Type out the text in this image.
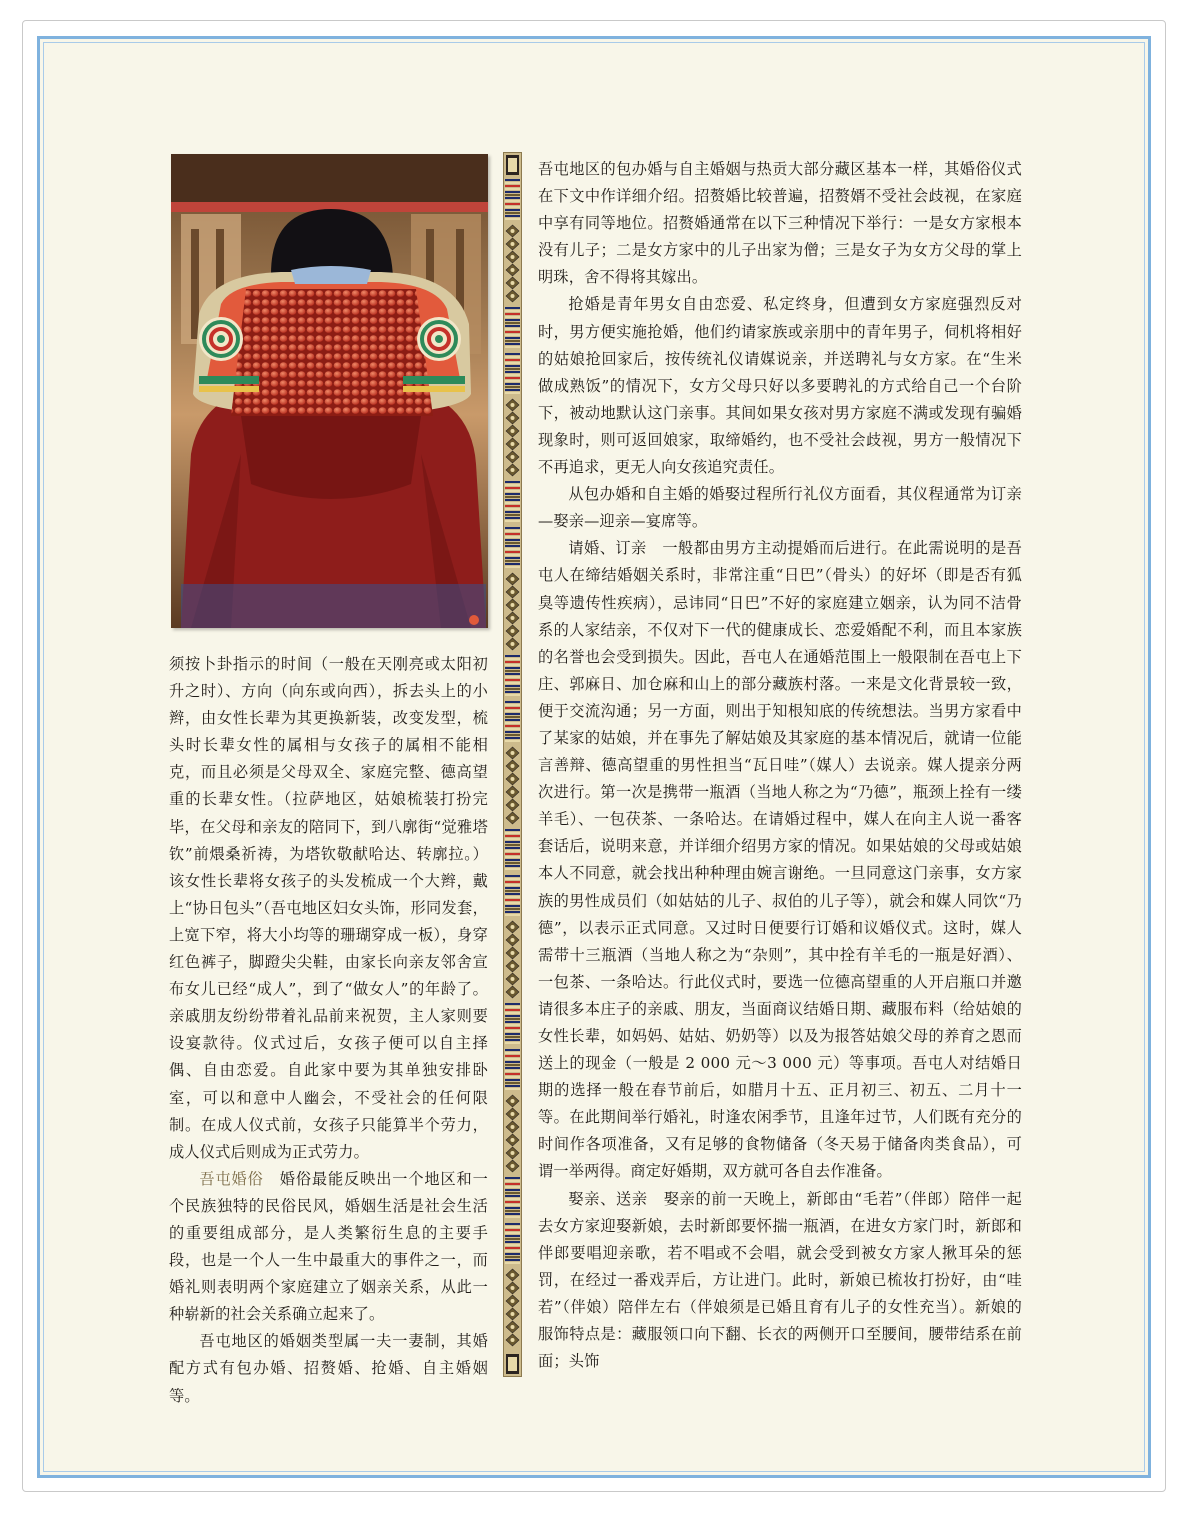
须按卜卦指示的时间（一般在天刚亮或太阳初升之时）、方向（向东或向西），拆去头上的小辫，由女性长辈为其更换新装，改变发型，梳头时长辈女性的属相与女孩子的属相不能相克，而且必须是父母双全、家庭完整、德高望重的长辈女性。（拉萨地区，姑娘梳装打扮完毕，在父母和亲友的陪同下，到八廓街“觉雅塔钦”前煨桑祈祷，为塔钦敬献哈达、转廓拉。）该女性长辈将女孩子的头发梳成一个大辫，戴上“协日包头”（吾屯地区妇女头饰，形同发套，上宽下窄，将大小均等的珊瑚穿成一板），身穿红色裤子，脚蹬尖尖鞋，由家长向亲友邻舍宣布女儿已经“成人”，到了“做女人”的年龄了。亲戚朋友纷纷带着礼品前来祝贺，主人家则要设宴款待。仪式过后，女孩子便可以自主择偶、自由恋爱。自此家中要为其单独安排卧室，可以和意中人幽会，不受社会的任何限制。在成人仪式前，女孩子只能算半个劳力，成人仪式后则成为正式劳力。

吾屯婚俗　 婚俗最能反映出一个地区和一个民族独特的民俗民风，婚姻生活是社会生活的重要组成部分，是人类繁衍生息的主要手段，也是一个人一生中最重大的事件之一，而婚礼则表明两个家庭建立了姻亲关系，从此一种崭新的社会关系确立起来了。

吾屯地区的婚姻类型属一夫一妻制，其婚配方式有包办婚、招赘婚、抢婚、自主婚姻等。

吾屯地区的包办婚与自主婚姻与热贡大部分藏区基本一样，其婚俗仪式在下文中作详细介绍。招赘婚比较普遍，招赘婿不受社会歧视，在家庭中享有同等地位。招赘婚通常在以下三种情况下举行：一是女方家根本没有儿子；二是女方家中的儿子出家为僧；三是女子为女方父母的掌上明珠，舍不得将其嫁出。

抢婚是青年男女自由恋爱、私定终身，但遭到女方家庭强烈反对时，男方便实施抢婚，他们约请家族或亲朋中的青年男子，伺机将相好的姑娘抢回家后，按传统礼仪请媒说亲，并送聘礼与女方家。在“生米做成熟饭”的情况下，女方父母只好以多要聘礼的方式给自己一个台阶下，被动地默认这门亲事。其间如果女孩对男方家庭不满或发现有骗婚现象时，则可返回娘家，取缔婚约，也不受社会歧视，男方一般情况下不再追求，更无人向女孩追究责任。

从包办婚和自主婚的婚娶过程所行礼仪方面看，其仪程通常为订亲—娶亲—迎亲—宴席等。

请婚、订亲　 一般都由男方主动提婚而后进行。在此需说明的是吾屯人在缔结婚姻关系时，非常注重“日巴”（骨头）的好坏（即是否有狐臭等遗传性疾病），忌讳同“日巴”不好的家庭建立姻亲，认为同不洁骨系的人家结亲，不仅对下一代的健康成长、恋爱婚配不利，而且本家族的名誉也会受到损失。因此，吾屯人在通婚范围上一般限制在吾屯上下庄、郭麻日、加仓麻和山上的部分藏族村落。一来是文化背景较一致，便于交流沟通；另一方面，则出于知根知底的传统想法。当男方家看中了某家的姑娘，并在事先了解姑娘及其家庭的基本情况后，就请一位能言善辩、德高望重的男性担当“瓦日哇”（媒人）去说亲。媒人提亲分两次进行。第一次是携带一瓶酒（当地人称之为“乃德”，瓶颈上拴有一缕羊毛）、一包茯茶、一条哈达。在请婚过程中，媒人在向主人说一番客套话后，说明来意，并详细介绍男方家的情况。如果姑娘的父母或姑娘本人不同意，就会找出种种理由婉言谢绝。一旦同意这门亲事，女方家族的男性成员们（如姑姑的儿子、叔伯的儿子等），就会和媒人同饮“乃德”，以表示正式同意。又过时日便要行订婚和议婚仪式。这时，媒人需带十三瓶酒（当地人称之为“杂则”，其中拴有羊毛的一瓶是好酒）、一包茶、一条哈达。行此仪式时，要选一位德高望重的人开启瓶口并邀请很多本庄子的亲戚、朋友，当面商议结婚日期、藏服布料（给姑娘的女性长辈，如妈妈、姑姑、奶奶等）以及为报答姑娘父母的养育之恩而送上的现金（一般是 2 000 元～3 000 元）等事项。吾屯人对结婚日期的选择一般在春节前后，如腊月十五、正月初三、初五、二月十一等。在此期间举行婚礼，时逢农闲季节，且逢年过节，人们既有充分的时间作各项准备，又有足够的食物储备（冬天易于储备肉类食品），可谓一举两得。商定好婚期，双方就可各自去作准备。

娶亲、送亲　 娶亲的前一天晚上，新郎由“毛若”（伴郎）陪伴一起去女方家迎娶新娘，去时新郎要怀揣一瓶酒，在进女方家门时，新郎和伴郎要唱迎亲歌，若不唱或不会唱，就会受到被女方家人揪耳朵的惩罚，在经过一番戏弄后，方让进门。此时，新娘已梳妆打扮好，由“哇若”（伴娘）陪伴左右（伴娘须是已婚且育有儿子的女性充当）。新娘的服饰特点是：藏服领口向下翻、长衣的两侧开口至腰间，腰带结系在前面；头饰
